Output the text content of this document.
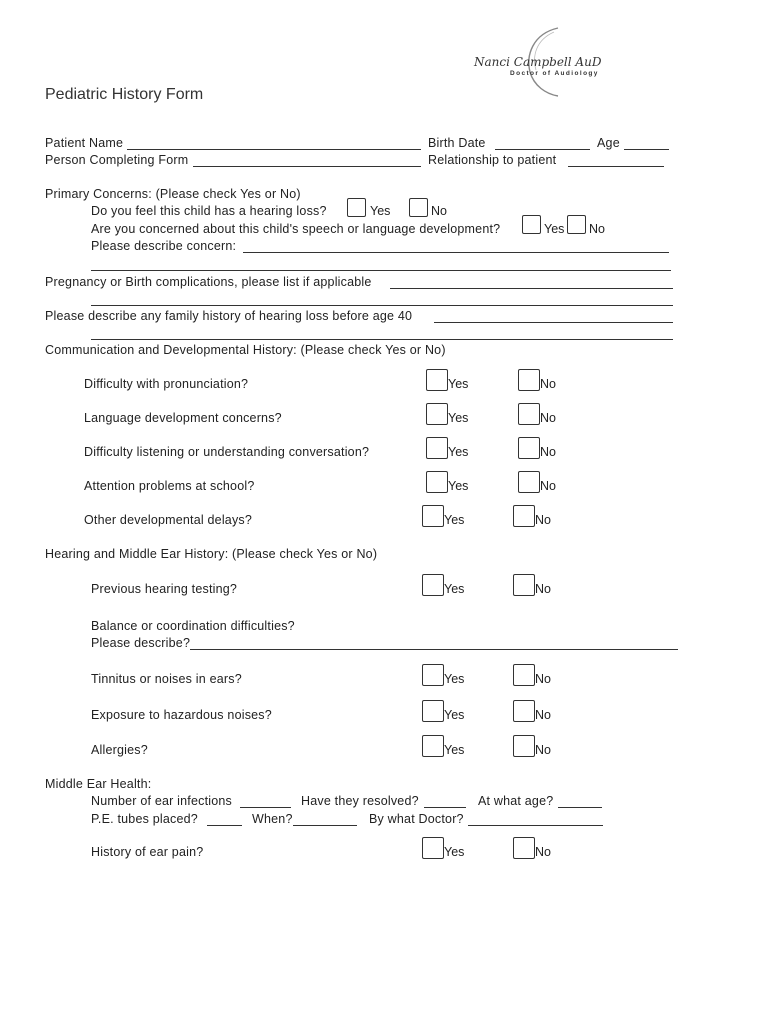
Nanci Campbell AuD
Doctor of Audiology
Pediatric History Form
Patient Name	Birth Date	Age
Person Completing Form	Relationship to patient
Primary Concerns: (Please check Yes or No)
Do you feel this child has a hearing loss?	Yes	No
Are you concerned about this child's speech or language development?	Yes No
Please describe concern:
Pregnancy or Birth complications, please list if applicable
Please describe any family history of hearing loss before age 40
Communication and Developmental History: (Please check Yes or No)
Difficulty with pronunciation?	Yes	No
Language development concerns?	Yes	No
Difficulty listening or understanding conversation?	Yes	No
Attention problems at school?	Yes	No
Other developmental delays?	Yes	No
Hearing and Middle Ear History: (Please check Yes or No)
Previous hearing testing?	Yes	No
Balance or coordination difficulties?
Please describe?
Tinnitus or noises in ears?	Yes	No
Exposure to hazardous noises?	Yes	No
Allergies?	Yes	No
Middle Ear Health:
Number of ear infections	Have they resolved?	At what age?
P.E. tubes placed?	When?	By what Doctor?
History of ear pain?	Yes	No
